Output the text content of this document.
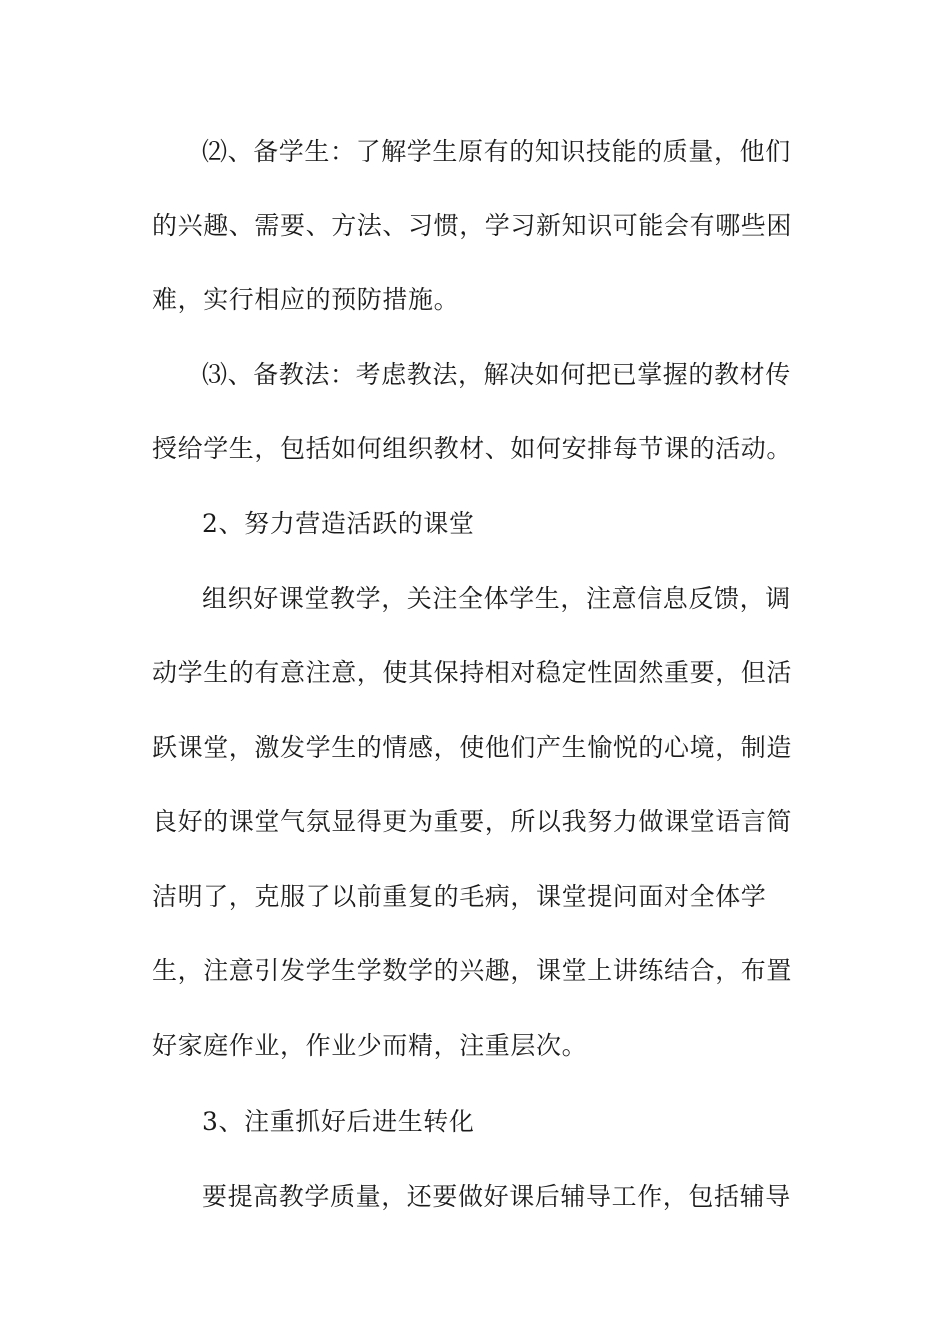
⑵、备学生：了解学生原有的知识技能的质量，他们

的兴趣、需要、方法、习惯，学习新知识可能会有哪些困

难，实行相应的预防措施。

⑶、备教法：考虑教法，解决如何把已掌握的教材传

授给学生，包括如何组织教材、如何安排每节课的活动。

2、努力营造活跃的课堂

组织好课堂教学，关注全体学生，注意信息反馈，调

动学生的有意注意，使其保持相对稳定性固然重要，但活

跃课堂，激发学生的情感，使他们产生愉悦的心境，制造

良好的课堂气氛显得更为重要，所以我努力做课堂语言简

洁明了，克服了以前重复的毛病，课堂提问面对全体学

生，注意引发学生学数学的兴趣，课堂上讲练结合，布置

好家庭作业，作业少而精，注重层次。

3、注重抓好后进生转化

要提高教学质量，还要做好课后辅导工作，包括辅导
